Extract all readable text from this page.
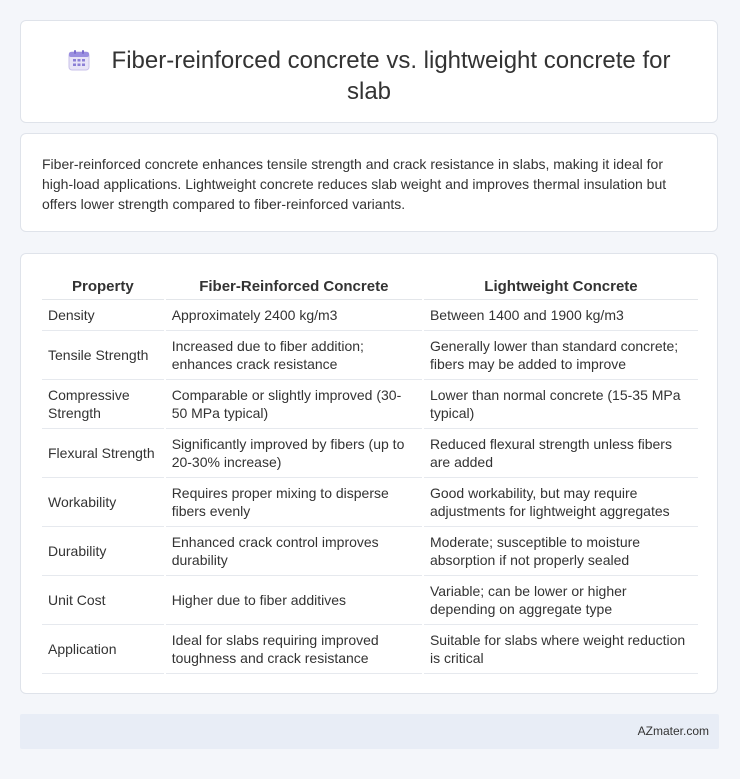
Fiber-reinforced concrete vs. lightweight concrete for slab
Fiber-reinforced concrete enhances tensile strength and crack resistance in slabs, making it ideal for high-load applications. Lightweight concrete reduces slab weight and improves thermal insulation but offers lower strength compared to fiber-reinforced variants.
Property	Fiber-Reinforced Concrete	Lightweight Concrete
Density	Approximately 2400 kg/m3	Between 1400 and 1900 kg/m3
Tensile Strength	Increased due to fiber addition; enhances crack resistance	Generally lower than standard concrete; fibers may be added to improve
Compressive Strength	Comparable or slightly improved (30-50 MPa typical)	Lower than normal concrete (15-35 MPa typical)
Flexural Strength	Significantly improved by fibers (up to 20-30% increase)	Reduced flexural strength unless fibers are added
Workability	Requires proper mixing to disperse fibers evenly	Good workability, but may require adjustments for lightweight aggregates
Durability	Enhanced crack control improves durability	Moderate; susceptible to moisture absorption if not properly sealed
Unit Cost	Higher due to fiber additives	Variable; can be lower or higher depending on aggregate type
Application	Ideal for slabs requiring improved toughness and crack resistance	Suitable for slabs where weight reduction is critical
AZmater.com
